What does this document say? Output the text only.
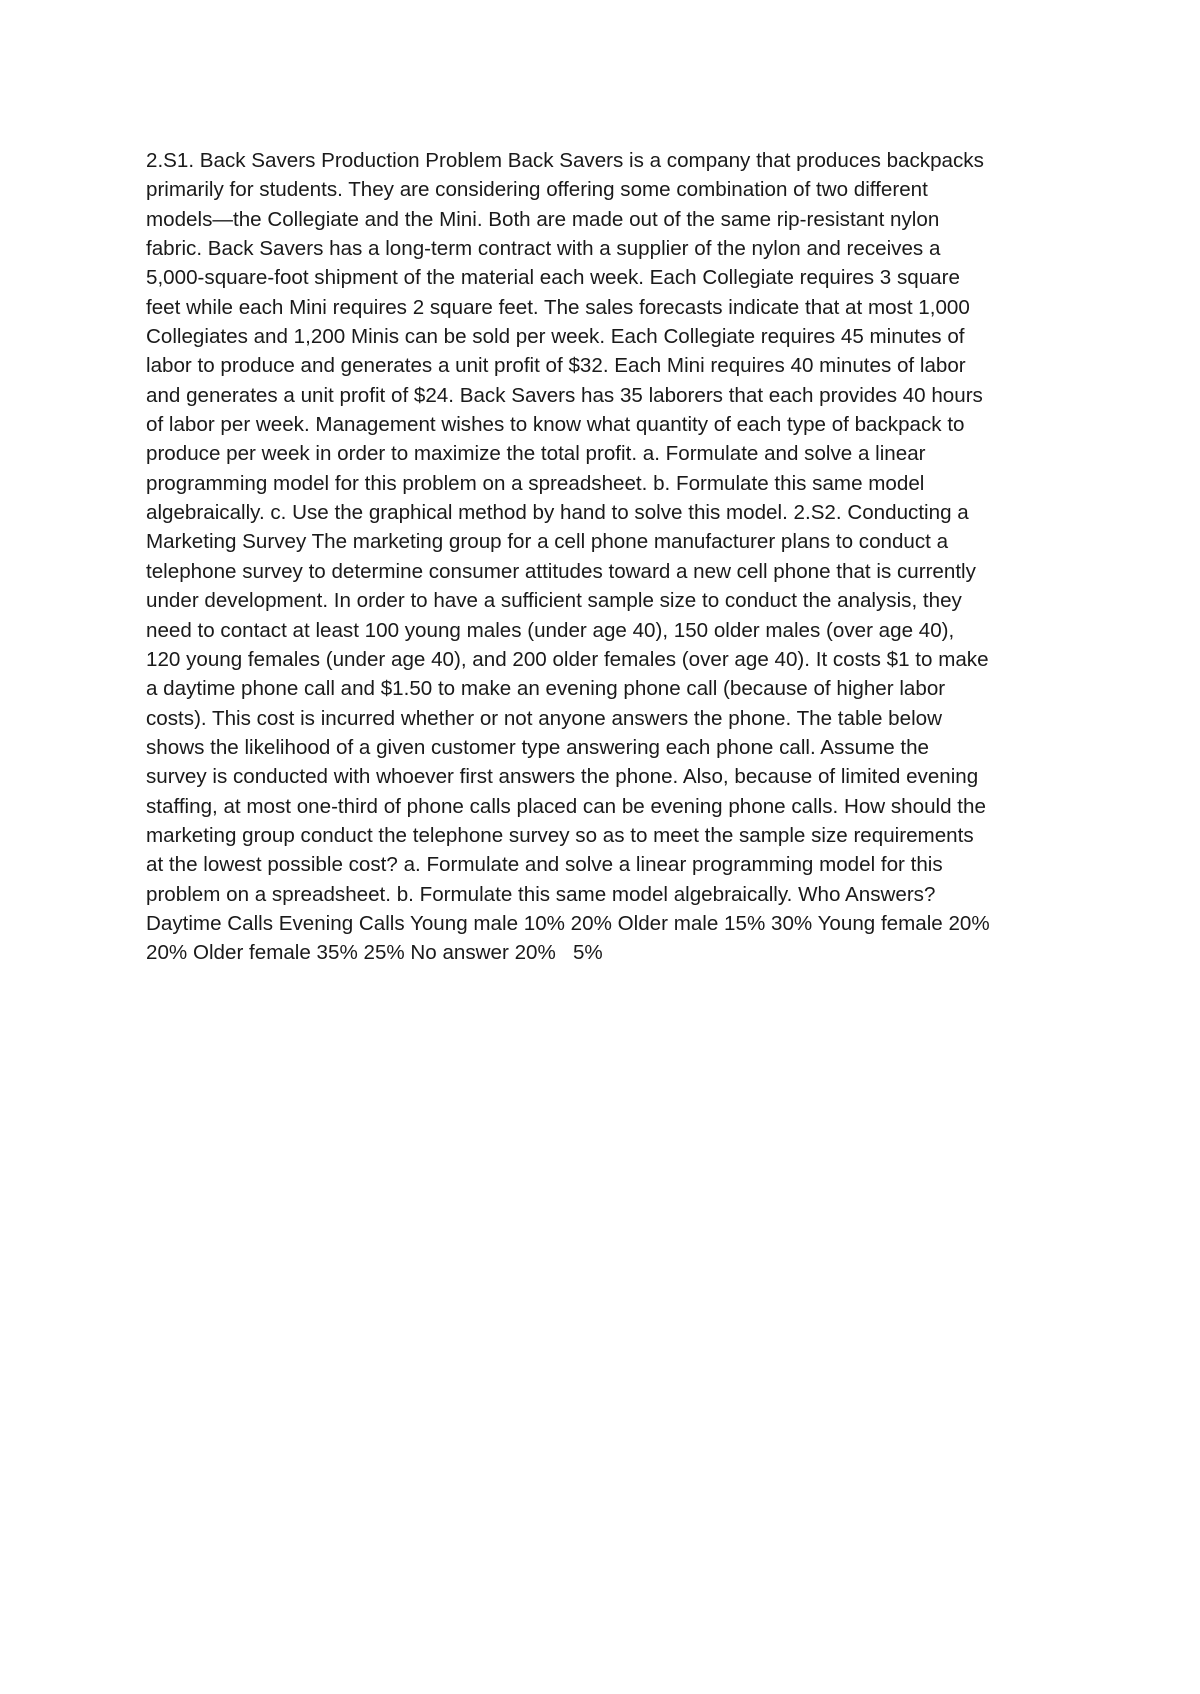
2.S1. Back Savers Production Problem Back Savers is a company that produces backpacks
primarily for students. They are considering offering some combination of two different
models—the Collegiate and the Mini. Both are made out of the same rip-resistant nylon
fabric. Back Savers has a long-term contract with a supplier of the nylon and receives a
5,000-square-foot shipment of the material each week. Each Collegiate requires 3 square
feet while each Mini requires 2 square feet. The sales forecasts indicate that at most 1,000
Collegiates and 1,200 Minis can be sold per week. Each Collegiate requires 45 minutes of
labor to produce and generates a unit profit of $32. Each Mini requires 40 minutes of labor
and generates a unit profit of $24. Back Savers has 35 laborers that each provides 40 hours
of labor per week. Management wishes to know what quantity of each type of backpack to
produce per week in order to maximize the total profit. a. Formulate and solve a linear
programming model for this problem on a spreadsheet. b. Formulate this same model
algebraically. c. Use the graphical method by hand to solve this model. 2.S2. Conducting a
Marketing Survey The marketing group for a cell phone manufacturer plans to conduct a
telephone survey to determine consumer attitudes toward a new cell phone that is currently
under development. In order to have a sufficient sample size to conduct the analysis, they
need to contact at least 100 young males (under age 40), 150 older males (over age 40),
120 young females (under age 40), and 200 older females (over age 40). It costs $1 to make
a daytime phone call and $1.50 to make an evening phone call (because of higher labor
costs). This cost is incurred whether or not anyone answers the phone. The table below
shows the likelihood of a given customer type answering each phone call. Assume the
survey is conducted with whoever first answers the phone. Also, because of limited evening
staffing, at most one-third of phone calls placed can be evening phone calls. How should the
marketing group conduct the telephone survey so as to meet the sample size requirements
at the lowest possible cost? a. Formulate and solve a linear programming model for this
problem on a spreadsheet. b. Formulate this same model algebraically. Who Answers?
Daytime Calls Evening Calls Young male 10% 20% Older male 15% 30% Young female 20%
20% Older female 35% 25% No answer 20%   5%
